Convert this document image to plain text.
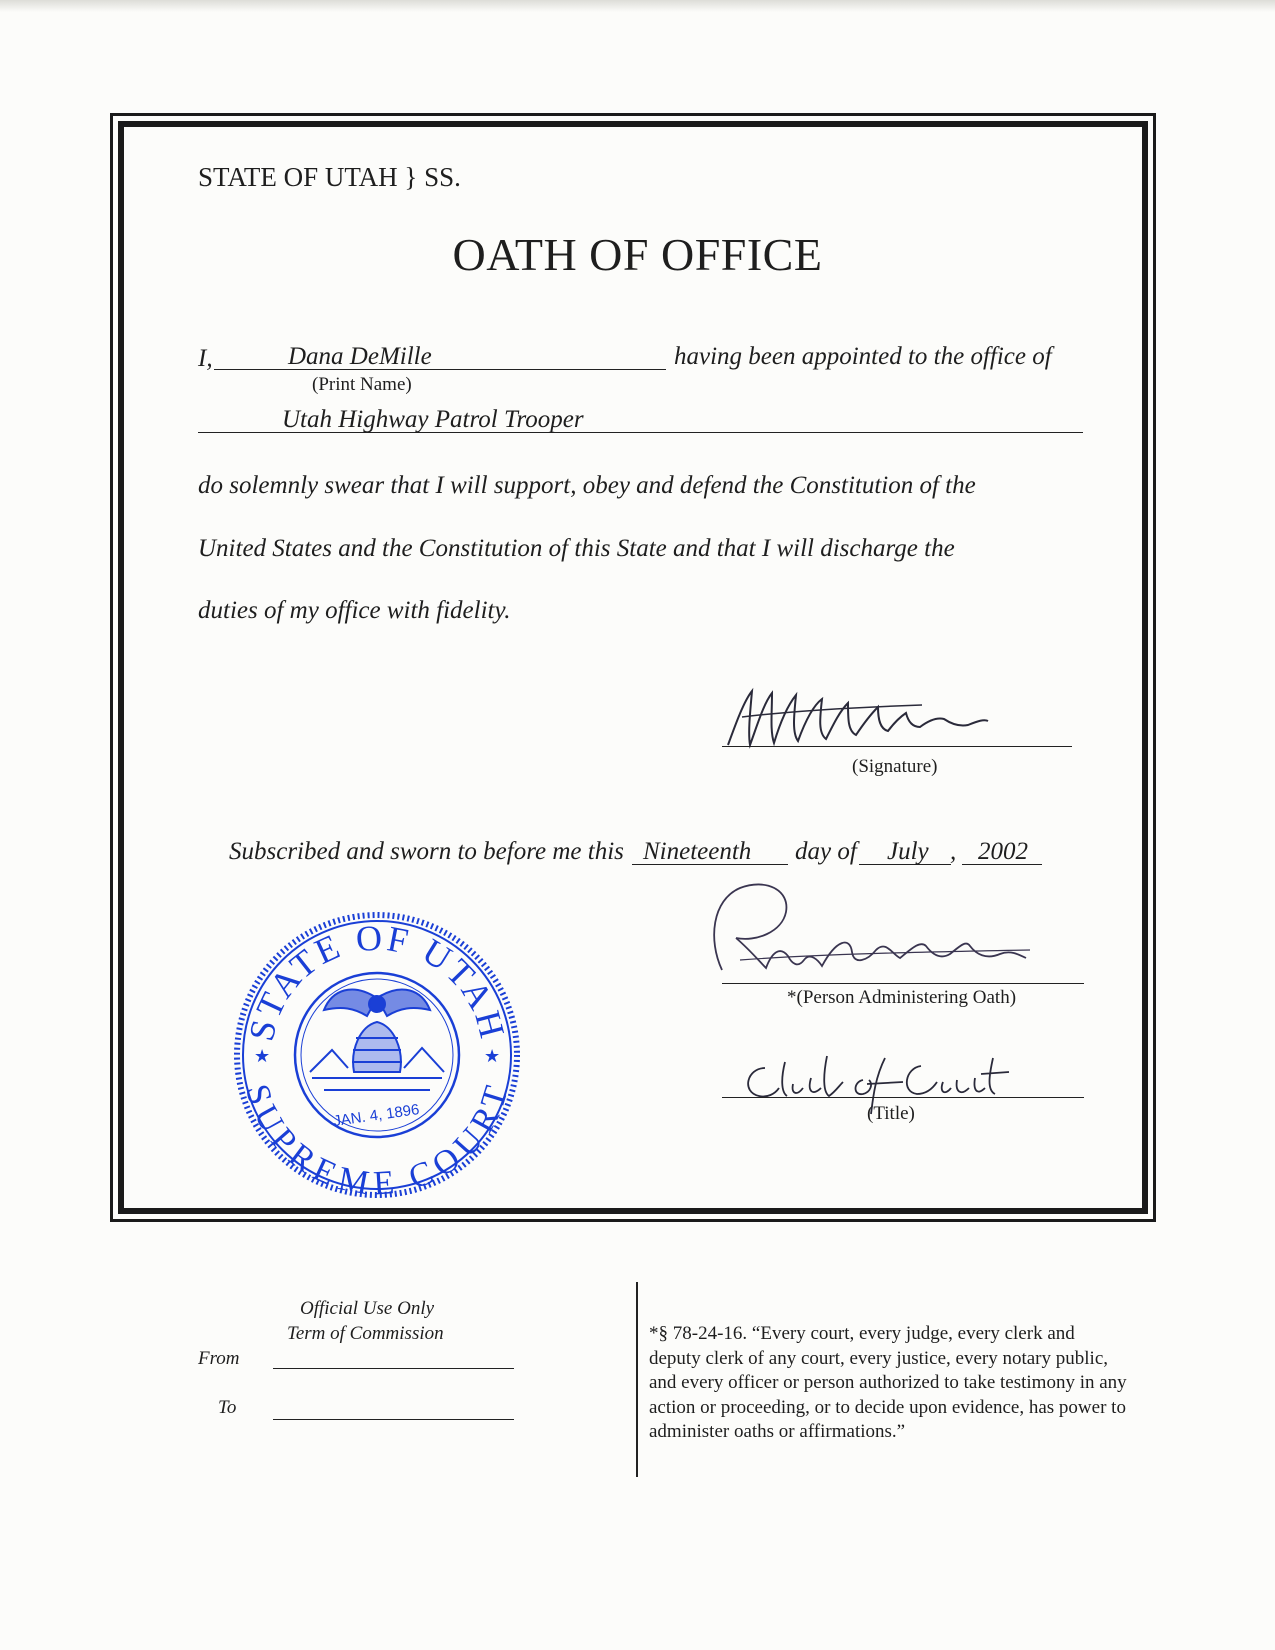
STATE OF UTAH } SS.
OATH OF OFFICE
I,	Dana DeMille
(Print Name)
having been appointed to the office of
Utah Highway Patrol Trooper
do solemnly swear that I will support, obey and defend the Constitution of the
United States and the Constitution of this State and that I will discharge the
duties of my office with fidelity.
(Signature)
Subscribed and sworn to before me this Nineteenth day of July , 2002
STATE OF UTAH
SUPREME COURT
★	★
JAN. 4, 1896
*(Person Administering Oath)
(Title)
Official Use Only
Term of Commission
From
To
*§ 78-24-16. “Every court, every judge, every clerk and deputy clerk of any court, every justice, every notary public, and every officer or person authorized to take testimony in any action or proceeding, or to decide upon evidence, has power to administer oaths or affirmations.”
